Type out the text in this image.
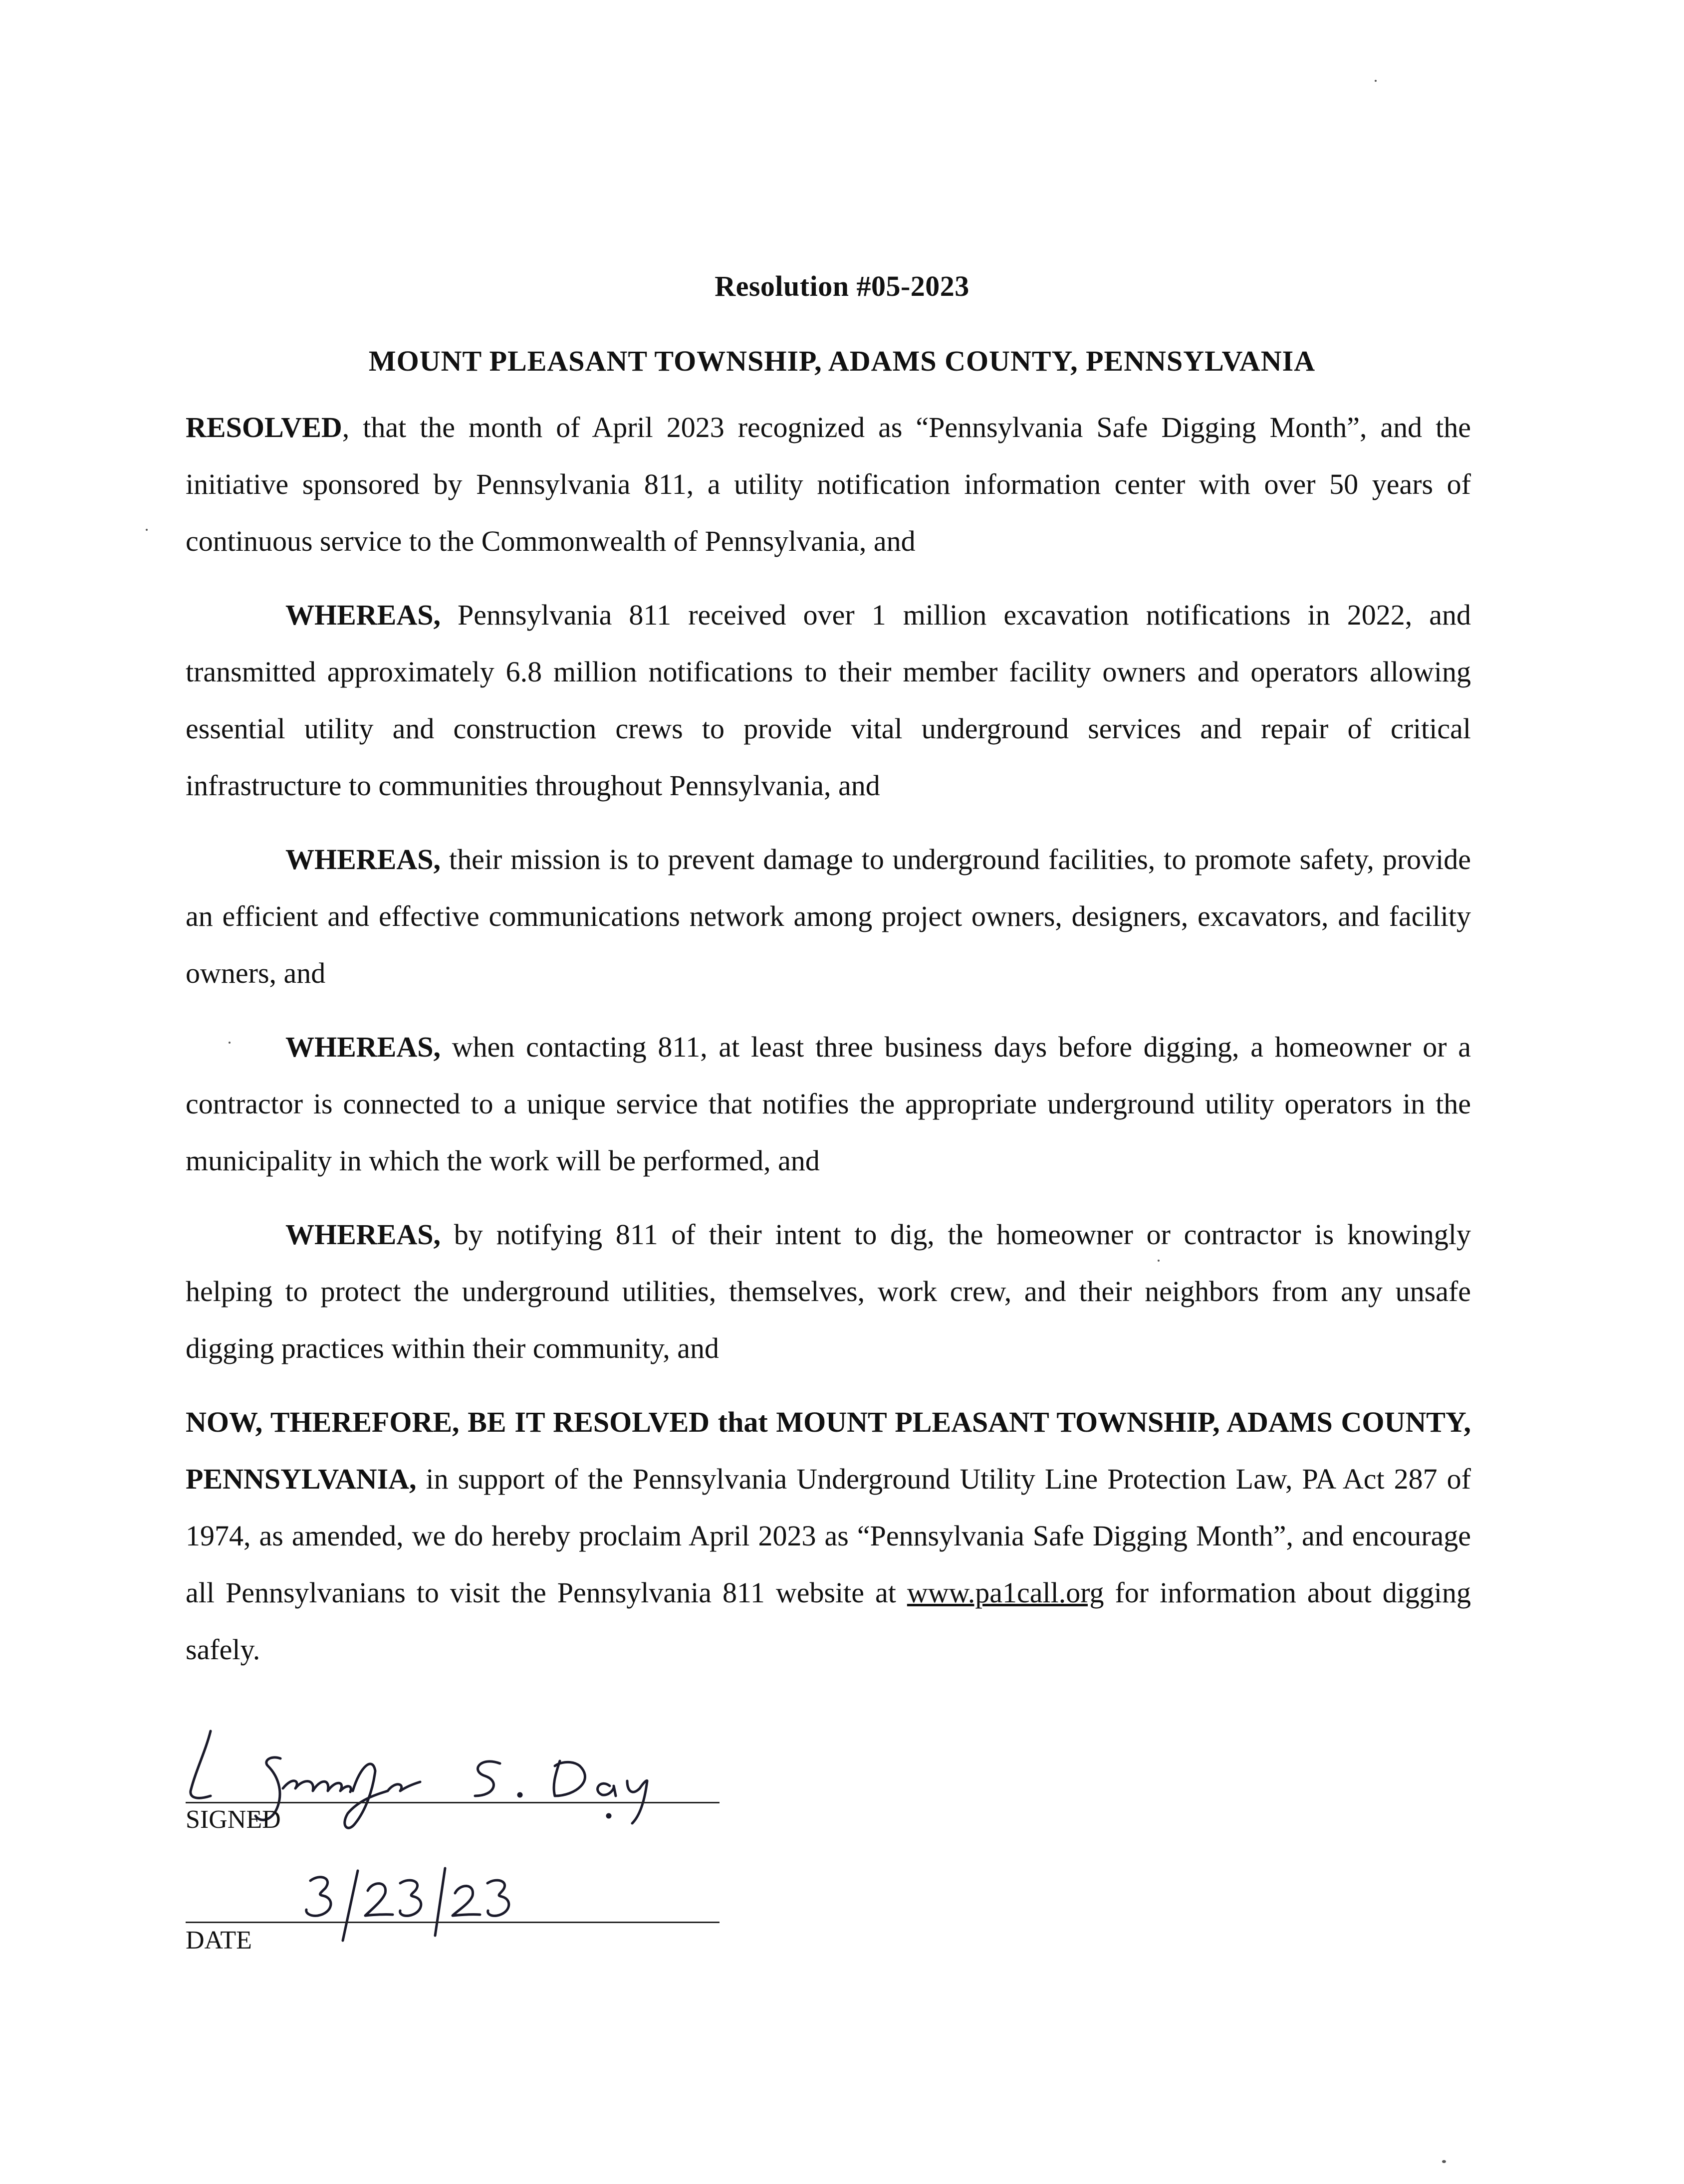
Resolution #05-2023
MOUNT PLEASANT TOWNSHIP, ADAMS COUNTY, PENNSYLVANIA

RESOLVED, that the month of April 2023 recognized as “Pennsylvania Safe Digging Month”, and the initiative sponsored by Pennsylvania 811, a utility notification information center with over 50 years of continuous service to the Commonwealth of Pennsylvania, and

WHEREAS, Pennsylvania 811 received over 1 million excavation notifications in 2022, and transmitted approximately 6.8 million notifications to their member facility owners and operators allowing essential utility and construction crews to provide vital underground services and repair of critical infrastructure to communities throughout Pennsylvania, and

WHEREAS, their mission is to prevent damage to underground facilities, to promote safety, provide an efficient and effective communications network among project owners, designers, excavators, and facility owners, and

WHEREAS, when contacting 811, at least three business days before digging, a homeowner or a contractor is connected to a unique service that notifies the appropriate underground utility operators in the municipality in which the work will be performed, and

WHEREAS, by notifying 811 of their intent to dig, the homeowner or contractor is knowingly helping to protect the underground utilities, themselves, work crew, and their neighbors from any unsafe digging practices within their community, and

NOW, THEREFORE, BE IT RESOLVED that MOUNT PLEASANT TOWNSHIP, ADAMS COUNTY, PENNSYLVANIA, in support of the Pennsylvania Underground Utility Line Protection Law, PA Act 287 of 1974, as amended, we do hereby proclaim April 2023 as “Pennsylvania Safe Digging Month”, and encourage all Pennsylvanians to visit the Pennsylvania 811 website at www.pa1call.org for information about digging safely.

SIGNED
DATE
